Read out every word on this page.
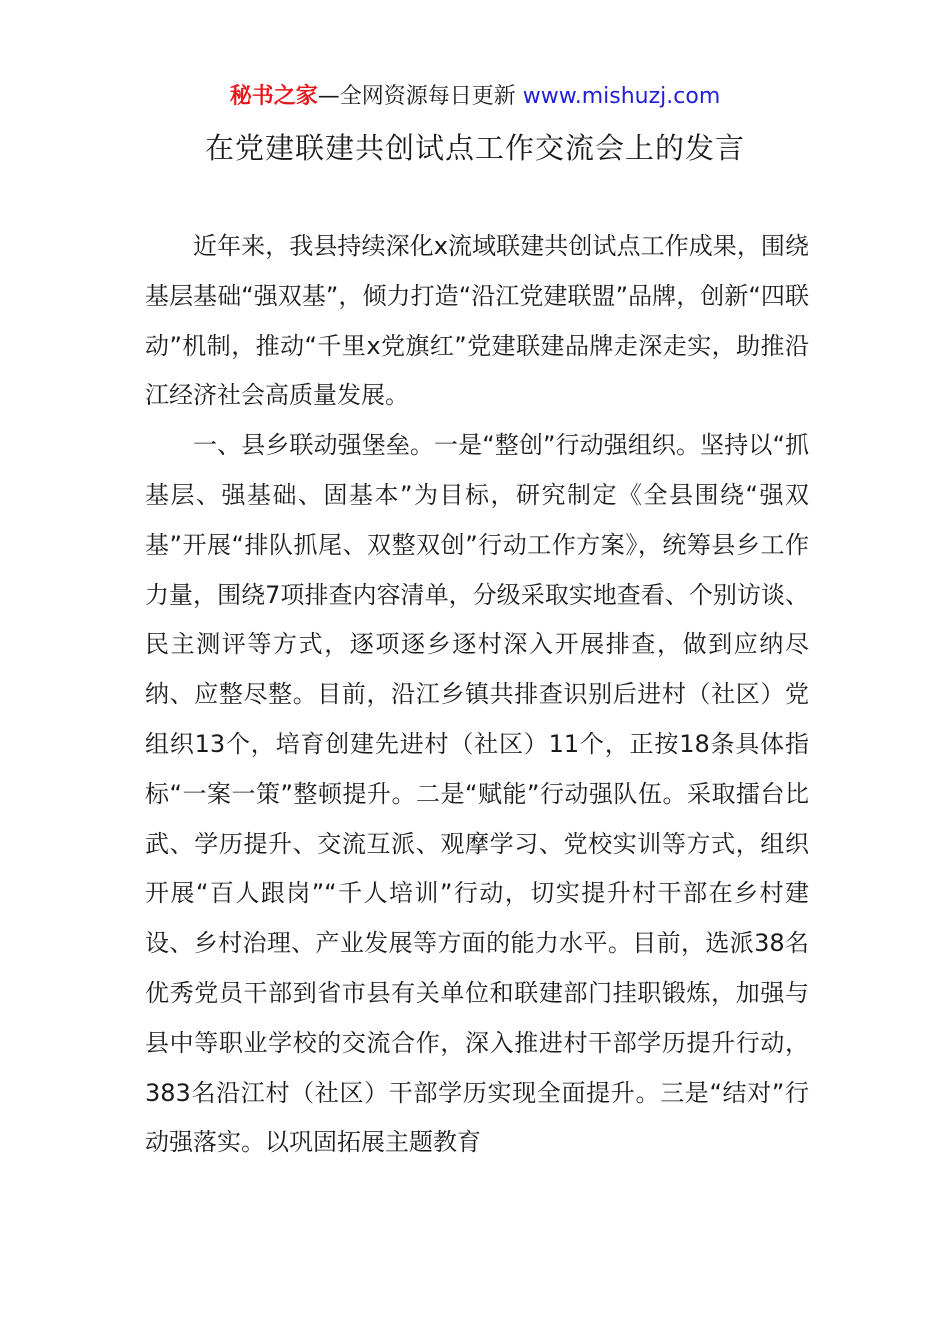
秘书之家—全网资源每日更新 www.mishuzj.com
在党建联建共创试点工作交流会上的发言

近年来，我县持续深化x流域联建共创试点工作成果，围绕基层基础“强双基”，倾力打造“沿江党建联盟”品牌，创新“四联动”机制，推动“千里x党旗红”党建联建品牌走深走实，助推沿江经济社会高质量发展。

一、县乡联动强堡垒。一是“整创”行动强组织。坚持以“抓基层、强基础、固基本”为目标，研究制定《全县围绕“强双基”开展“排队抓尾、双整双创”行动工作方案》，统筹县乡工作力量，围绕7项排查内容清单，分级采取实地查看、个别访谈、民主测评等方式，逐项逐乡逐村深入开展排查，做到应纳尽纳、应整尽整。目前，沿江乡镇共排查识别后进村（社区）党组织13个，培育创建先进村（社区）11个，正按18条具体指标“一案一策”整顿提升。二是“赋能”行动强队伍。采取擂台比武、学历提升、交流互派、观摩学习、党校实训等方式，组织开展“百人跟岗”“千人培训”行动，切实提升村干部在乡村建设、乡村治理、产业发展等方面的能力水平。目前，选派38名优秀党员干部到省市县有关单位和联建部门挂职锻炼，加强与县中等职业学校的交流合作，深入推进村干部学历提升行动，383名沿江村（社区）干部学历实现全面提升。三是“结对”行动强落实。以巩固拓展主题教育
